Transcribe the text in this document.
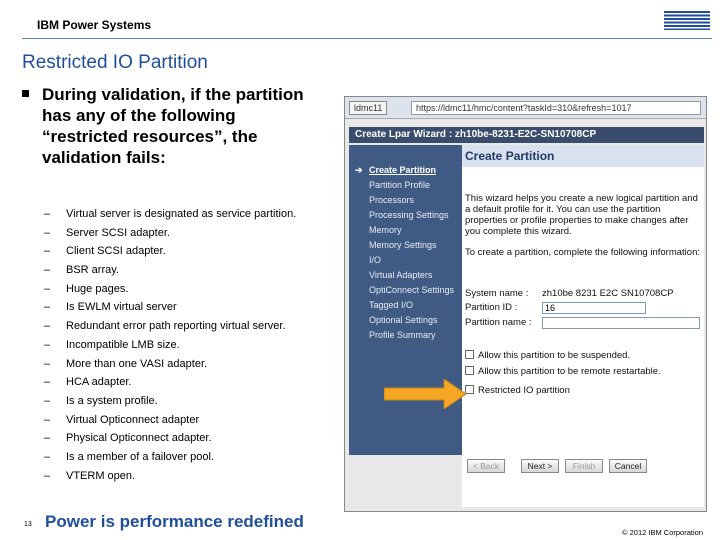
IBM Power Systems
Restricted IO Partition
During validation, if the partition has any of the following “restricted resources”, the validation fails:
– Virtual server is designated as service partition.
– Server SCSI adapter.
– Client SCSI adapter.
– BSR array.
– Huge pages.
– Is EWLM virtual server
– Redundant error path reporting virtual server.
– Incompatible LMB size.
– More than one VASI adapter.
– HCA adapter.
– Is a system profile.
– Virtual Opticonnect adapter
– Physical Opticonnect adapter.
– Is a member of a failover pool.
– VTERM open.
ldmc11	https://ldmc11/hmc/content?taskId=310&refresh=1017
Create Lpar Wizard : zh10be-8231-E2C-SN10708CP
➔ Create Partition
Partition Profile
Processors
Processing Settings
Memory
Memory Settings
I/O
Virtual Adapters
OptiConnect Settings
Tagged I/O
Optional Settings
Profile Summary
Create Partition
This wizard helps you create a new logical partition and a default profile for it. You can use the partition properties or profile properties to make changes after you complete this wizard.
To create a partition, complete the following information:
System name : zh10be 8231 E2C SN10708CP
Partition ID :	16
Partition name :
Allow this partition to be suspended.
Allow this partition to be remote restartable.
Restricted IO partition
< Back	Next >	Finish	Cancel
13 Power is performance redefined
© 2012 IBM Corporation
